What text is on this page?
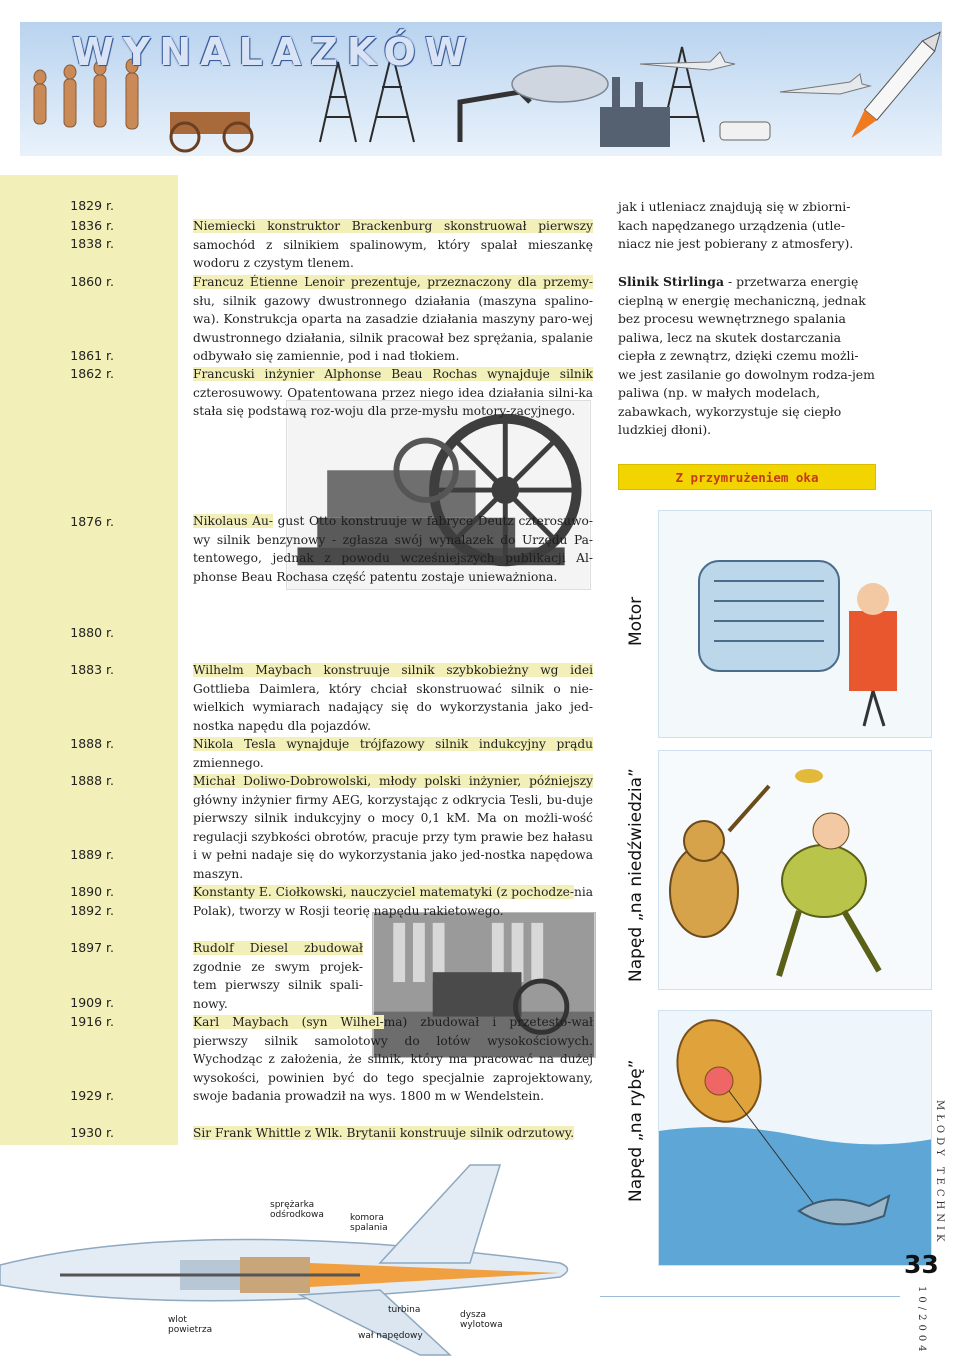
WYNALAZKÓW
1829 r.
1836 r.
1838 r.
1860 r.
1861 r.
1862 r.
1876 r.
1880 r.
1883 r.
1888 r.
1888 r.
1889 r.
1890 r.
1892 r.
1897 r.
1909 r.
1916 r.
1929 r.
1930 r.
Niemiecki konstruktor Brackenburg skonstruował pierwszy samochód z silnikiem spalinowym, który spalał mieszankę wodoru z czystym tlenem.
Francuz Étienne Lenoir prezentuje, przeznaczony dla przemy-słu, silnik gazowy dwustronnego działania (maszyna spalino-wa). Konstrukcja oparta na zasadzie działania maszyny paro-wej dwustronnego działania, silnik pracował bez sprężania, spalanie odbywało się zamiennie, pod i nad tłokiem.
Francuski inżynier Alphonse Beau Rochas wynajduje silnik czterosuwowy. Opatentowana przez niego idea działania silni-ka stała się podstawą roz-woju dla prze-mysłu motory-zacyjnego.
Nikolaus Au- gust Otto konstruuje w fabryce Deutz czterosuwo-wy silnik benzynowy - zgłasza swój wynalazek do Urzędu Pa-tentowego, jednak z powodu wcześniejszych publikacji Al-phonse Beau Rochasa część patentu zostaje unieważniona.
Wilhelm Maybach konstruuje silnik szybkobieżny wg idei Gottlieba Daimlera, który chciał skonstruować silnik o nie-wielkich wymiarach nadający się do wykorzystania jako jed-nostka napędu dla pojazdów.
Nikola Tesla wynajduje trójfazowy silnik indukcyjny prądu zmiennego.
Michał Doliwo-Dobrowolski, młody polski inżynier, późniejszy główny inżynier firmy AEG, korzystając z odkrycia Tesli, bu-duje pierwszy silnik indukcyjny o mocy 0,1 kM. Ma on możli-wość regulacji szybkości obrotów, pracuje przy tym prawie bez hałasu i w pełni nadaje się do wykorzystania jako jed-nostka napędowa maszyn.
Konstanty E. Ciołkowski, nauczyciel matematyki (z pochodze-nia Polak), tworzy w Rosji teorię napędu rakietowego.
Rudolf Diesel zbudował zgodnie ze swym projek-tem pierwszy silnik spali-nowy.
Karl Maybach (syn Wilhel-ma) zbudował i przetesto-wał pierwszy silnik samolotowy do lotów wysokościowych. Wychodząc z założenia, że silnik, który ma pracować na dużej wysokości, powinien być do tego specjalnie zaprojektowany, swoje badania prowadził na wys. 1800 m w Wendelstein.
Sir Frank Whittle z Wlk. Brytanii konstruuje silnik odrzutowy.
sprężarka odśrodkowa	komora spalania
wlot powietrza
turbina
wał napędowy
dysza wylotowa
jak i utleniacz znajdują się w zbiorni-kach napędzanego urządzenia (utle-niacz nie jest pobierany z atmosfery).
Slinik Stirlinga - przetwarza energię cieplną w energię mechaniczną, jednak bez procesu wewnętrznego spalania paliwa, lecz na skutek dostarczania ciepła z zewnątrz, dzięki czemu możli-we jest zasilanie go dowolnym rodza-jem paliwa (np. w małych modelach, zabawkach, wykorzystuje się ciepło ludzkiej dłoni).
Z przymrużeniem oka
Motor
Napęd „na niedźwiedzia”
Napęd „na rybę”	MŁODY TECHNIK
33
10/2004
